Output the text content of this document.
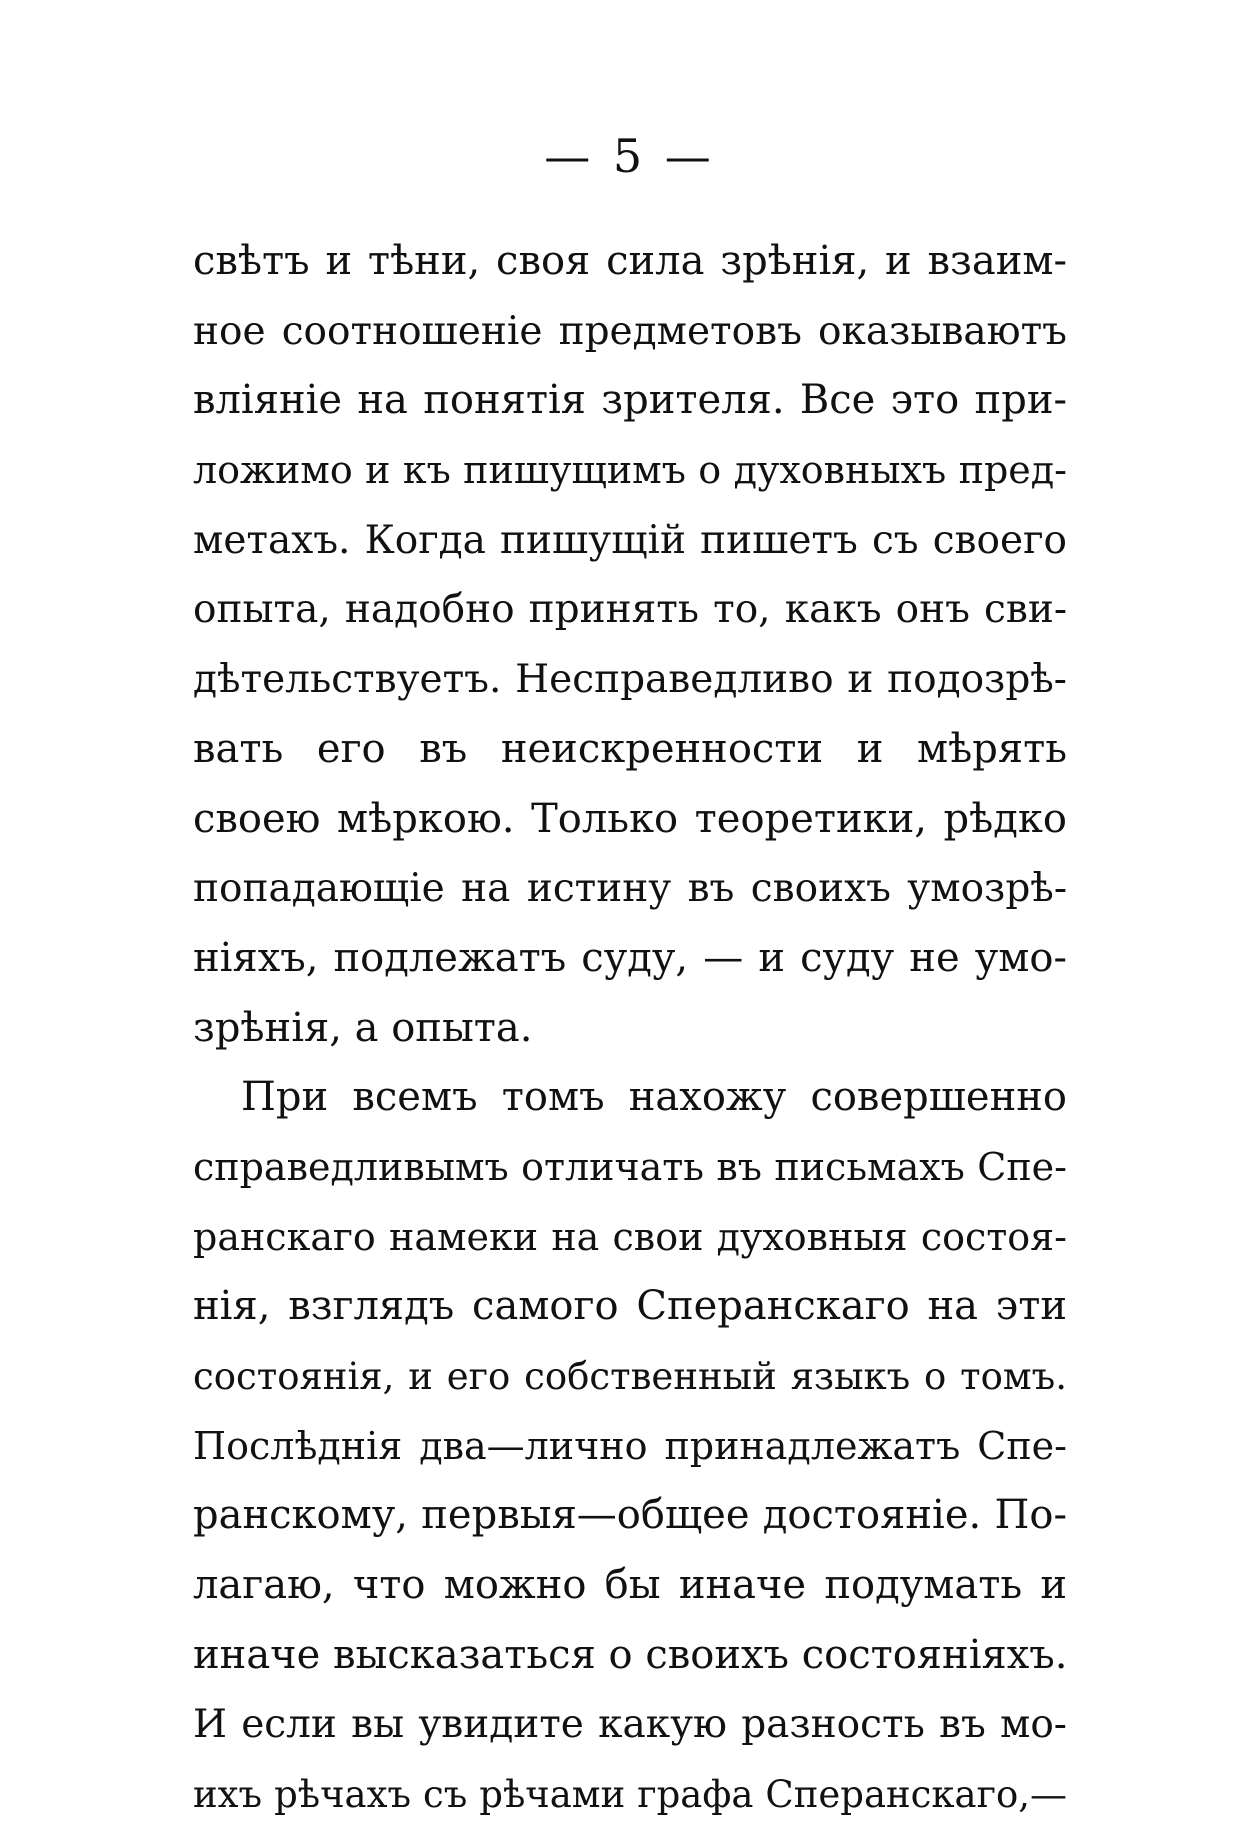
— 5 —
свѣтъ и тѣни, своя сила зрѣнія, и взаим-
ное соотношеніе предметовъ оказываютъ
вліяніе на понятія зрителя. Все это при-
ложимо и къ пишущимъ о духовныхъ пред-
метахъ. Когда пишущій пишетъ съ своего
опыта, надобно принять то, какъ онъ сви-
дѣтельствуетъ. Несправедливо и подозрѣ-
вать его въ неискренности и мѣрять
своею мѣркою. Только теоретики, рѣдко
попадающіе на истину въ своихъ умозрѣ-
ніяхъ, подлежатъ суду, — и суду не умо-
зрѣнія, а опыта.
При всемъ томъ нахожу совершенно
справедливымъ отличать въ письмахъ Спе-
ранскаго намеки на свои духовныя состоя-
нія, взглядъ самого Сперанскаго на эти
состоянія, и его собственный языкъ о томъ.
Послѣднія два—лично принадлежатъ Спе-
ранскому, первыя—общее достояніе. По-
лагаю, что можно бы иначе подумать и
иначе высказаться о своихъ состояніяхъ.
И если вы увидите какую разность въ мо-
ихъ рѣчахъ съ рѣчами графа Сперанскаго,—
